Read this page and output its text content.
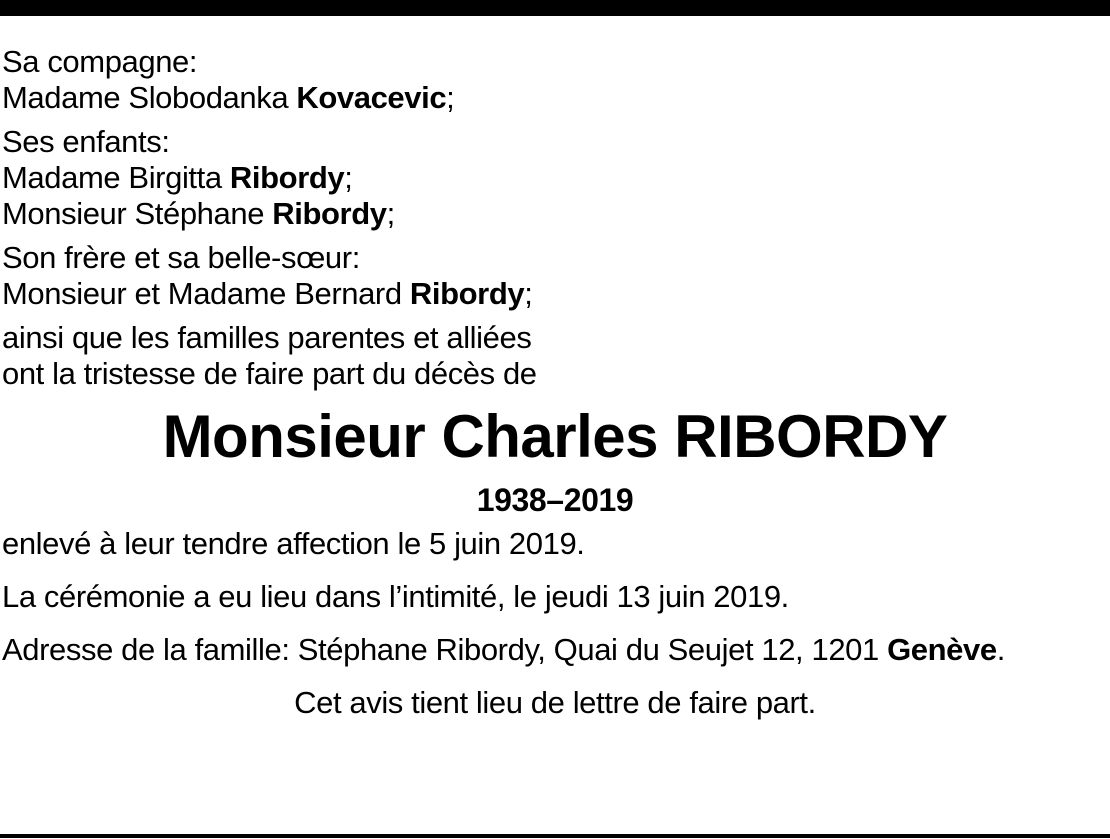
Sa compagne:
Madame Slobodanka Kovacevic;
Ses enfants:
Madame Birgitta Ribordy;
Monsieur Stéphane Ribordy;
Son frère et sa belle-sœur:
Monsieur et Madame Bernard Ribordy;
ainsi que les familles parentes et alliées
ont la tristesse de faire part du décès de
Monsieur Charles RIBORDY
1938–2019
enlevé à leur tendre affection le 5 juin 2019.
La cérémonie a eu lieu dans l’intimité, le jeudi 13 juin 2019.
Adresse de la famille: Stéphane Ribordy, Quai du Seujet 12, 1201 Genève.
Cet avis tient lieu de lettre de faire part.
